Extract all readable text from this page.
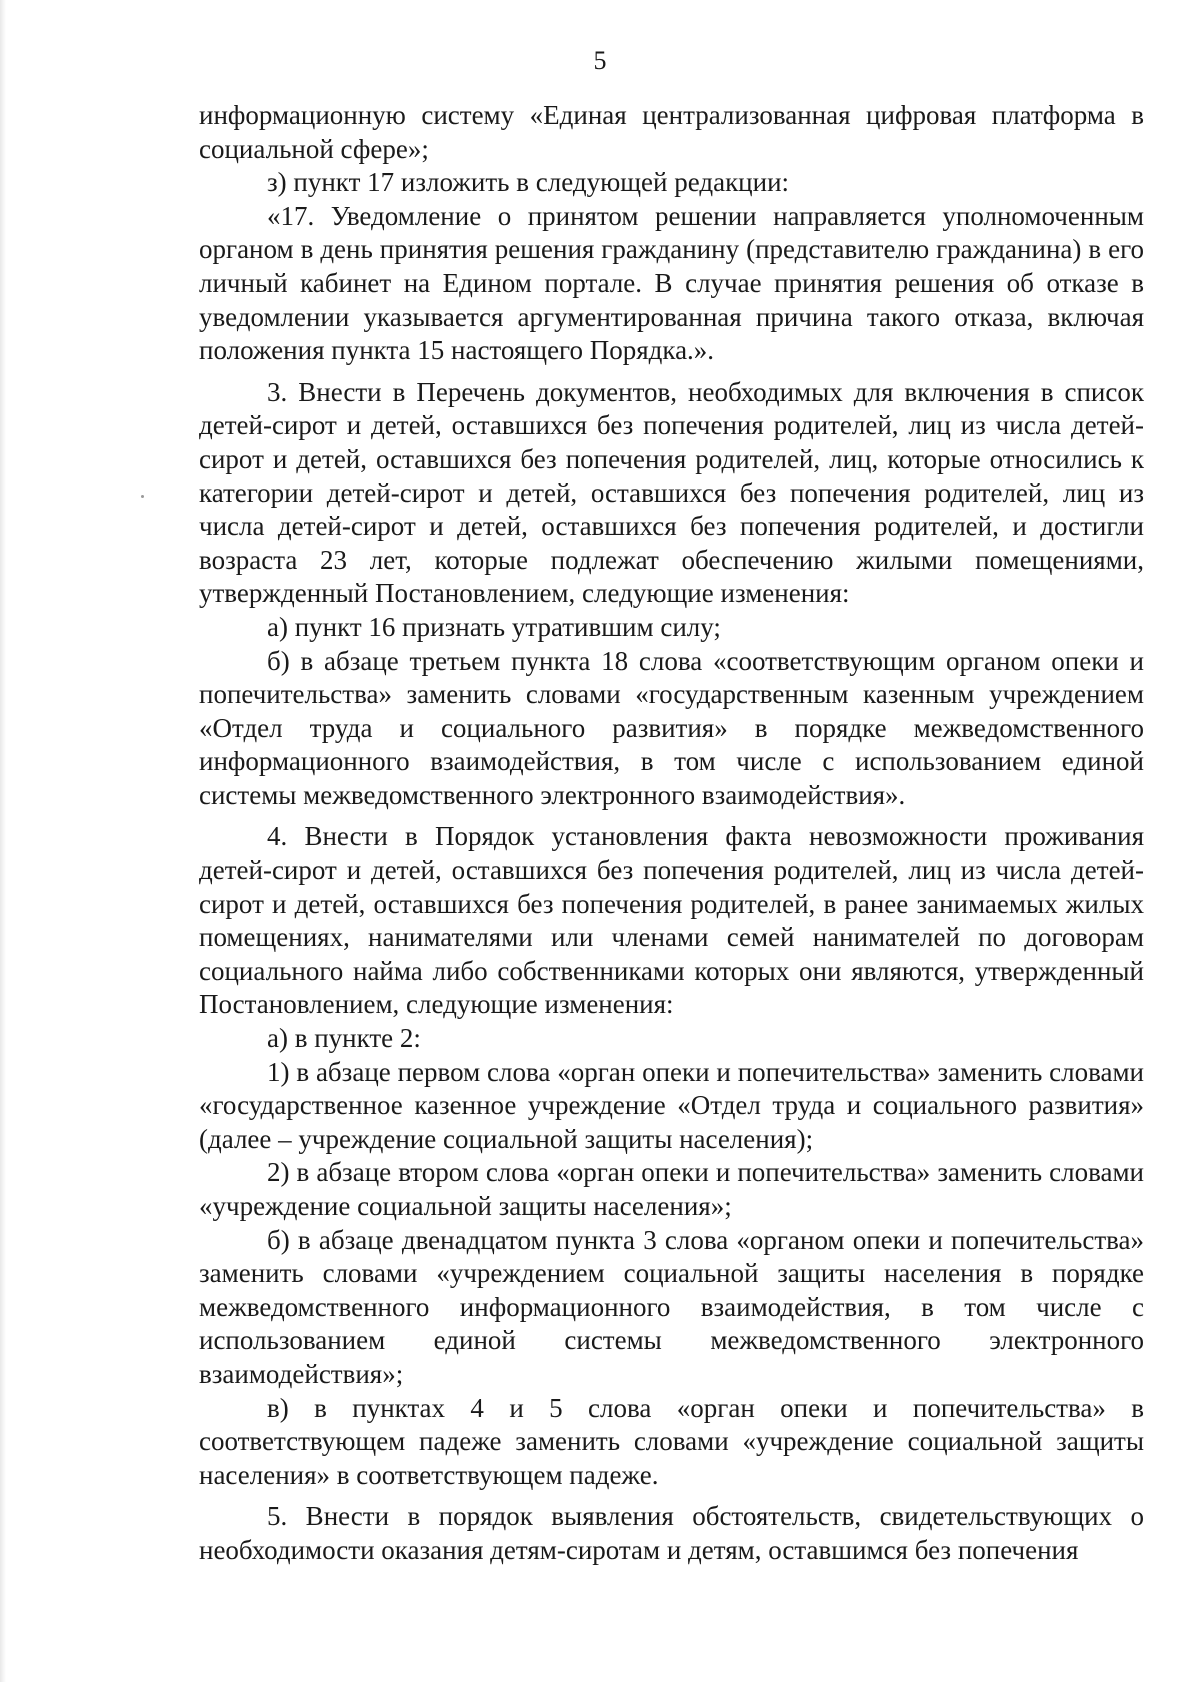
5

информационную систему «Единая централизованная цифровая платформа в социальной сфере»;

з) пункт 17 изложить в следующей редакции:

«17. Уведомление о принятом решении направляется уполномоченным органом в день принятия решения гражданину (представителю гражданина) в его личный кабинет на Едином портале. В случае принятия решения об отказе в уведомлении указывается аргументированная причина такого отказа, включая положения пункта 15 настоящего Порядка.».

3. Внести в Перечень документов, необходимых для включения в список детей-сирот и детей, оставшихся без попечения родителей, лиц из числа детей-сирот и детей, оставшихся без попечения родителей, лиц, которые относились к категории детей-сирот и детей, оставшихся без попечения родителей, лиц из числа детей-сирот и детей, оставшихся без попечения родителей, и достигли возраста 23 лет, которые подлежат обеспечению жилыми помещениями, утвержденный Постановлением, следующие изменения:

а) пункт 16 признать утратившим силу;

б) в абзаце третьем пункта 18 слова «соответствующим органом опеки и попечительства» заменить словами «государственным казенным учреждением «Отдел труда и социального развития» в порядке межведомственного информационного взаимодействия, в том числе с использованием единой системы межведомственного электронного взаимодействия».

4. Внести в Порядок установления факта невозможности проживания детей-сирот и детей, оставшихся без попечения родителей, лиц из числа детей-сирот и детей, оставшихся без попечения родителей, в ранее занимаемых жилых помещениях, нанимателями или членами семей нанимателей по договорам социального найма либо собственниками которых они являются, утвержденный Постановлением, следующие изменения:

а) в пункте 2:

1) в абзаце первом слова «орган опеки и попечительства» заменить словами «государственное казенное учреждение «Отдел труда и социального развития» (далее – учреждение социальной защиты населения);

2) в абзаце втором слова «орган опеки и попечительства» заменить словами «учреждение социальной защиты населения»;

б) в абзаце двенадцатом пункта 3 слова «органом опеки и попечительства» заменить словами «учреждением социальной защиты населения в порядке межведомственного информационного взаимодействия, в том числе с использованием единой системы межведомственного электронного взаимодействия»;

в) в пунктах 4 и 5 слова «орган опеки и попечительства» в соответствующем падеже заменить словами «учреждение социальной защиты населения» в соответствующем падеже.

5. Внести в порядок выявления обстоятельств, свидетельствующих о необходимости оказания детям-сиротам и детям, оставшимся без попечения
